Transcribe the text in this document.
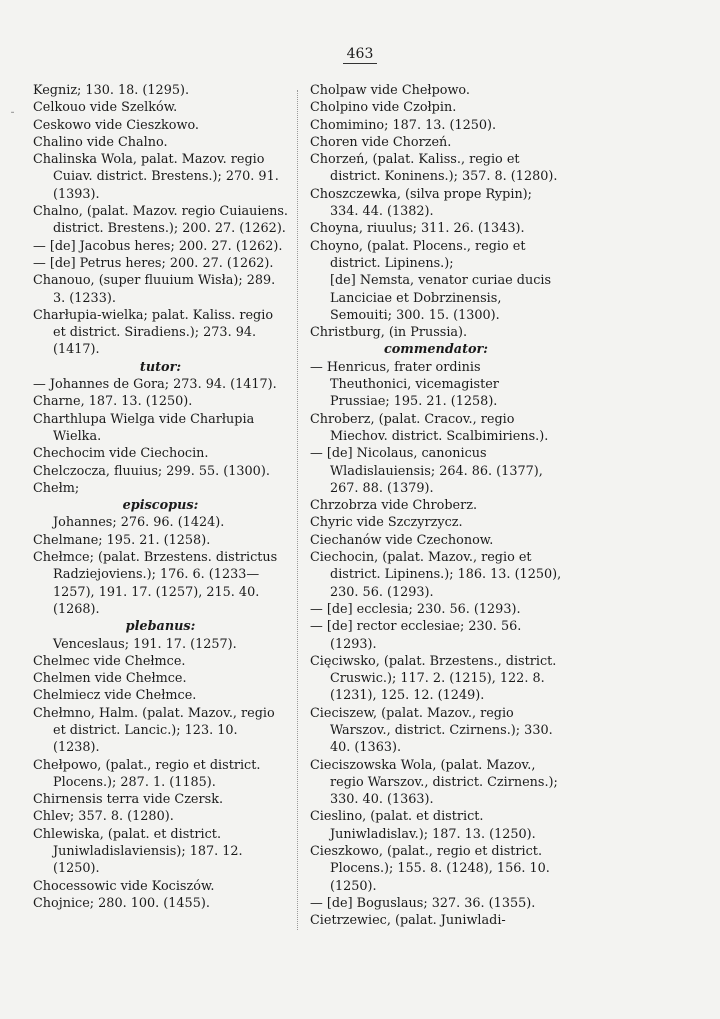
463
⁃

Kegniz; 130. 18. (1295).

Celkouo vide Szelków.

Ceskowo vide Cieszkowo.

Chalino vide Chalno.

Chalinska Wola, palat. Mazov. regio Cuiav. district. Brestens.); 270. 91. (1393).

Chalno, (palat. Mazov. regio Cuiauiens. district. Brestens.); 200. 27. (1262).

— [de] Jacobus heres; 200. 27. (1262).

— [de] Petrus heres; 200. 27. (1262).

Chanouo, (super fluuium Wisła); 289. 3. (1233).

Charłupia-wielka; palat. Kaliss. regio et district. Siradiens.); 273. 94. (1417).

tutor:

— Johannes de Gora; 273. 94. (1417).

Charne, 187. 13. (1250).

Charthlupa Wielga vide Charłupia Wielka.

Chechocim vide Ciechocin.

Chelczocza, fluuius; 299. 55. (1300).

Chełm;

episcopus:

Johannes; 276. 96. (1424).

Chelmane; 195. 21. (1258).

Chełmce; (palat. Brzestens. districtus Radziejoviens.); 176. 6. (1233—1257), 191. 17. (1257), 215. 40. (1268).

plebanus:

Venceslaus; 191. 17. (1257).

Chelmec vide Chełmce.

Chelmen vide Chełmce.

Chelmiecz vide Chełmce.

Chełmno, Halm. (palat. Mazov., regio et district. Lancic.); 123. 10. (1238).

Chełpowo, (palat., regio et district. Plocens.); 287. 1. (1185).

Chirnensis terra vide Czersk.

Chlev; 357. 8. (1280).

Chlewiska, (palat. et district. Juniwladislaviensis); 187. 12. (1250).

Chocessowic vide Kociszów.

Chojnice; 280. 100. (1455).

Cholpaw vide Chełpowo.

Cholpino vide Czołpin.

Chomimino; 187. 13. (1250).

Choren vide Chorzeń.

Chorzeń, (palat. Kaliss., regio et district. Koninens.); 357. 8. (1280).

Choszczewka, (silva prope Rypin); 334. 44. (1382).

Choyna, riuulus; 311. 26. (1343).

Choyno, (palat. Plocens., regio et district. Lipinens.);

[de] Nemsta, venator curiae ducis Lanciciae et Dobrzinensis, Semouiti; 300. 15. (1300).

Christburg, (in Prussia).

commendator:

— Henricus, frater ordinis Theuthonici, vicemagister Prussiae; 195. 21. (1258).

Chroberz, (palat. Cracov., regio Miechov. district. Scalbimiriens.).

— [de] Nicolaus, canonicus Wladislauiensis; 264. 86. (1377), 267. 88. (1379).

Chrzobrza vide Chroberz.

Chyric vide Szczyrzycz.

Ciechanów vide Czechonow.

Ciechocin, (palat. Mazov., regio et district. Lipinens.); 186. 13. (1250), 230. 56. (1293).

— [de] ecclesia; 230. 56. (1293).

— [de] rector ecclesiae; 230. 56. (1293).

Cięciwsko, (palat. Brzestens., district. Cruswic.); 117. 2. (1215), 122. 8. (1231), 125. 12. (1249).

Cieciszew, (palat. Mazov., regio Warszov., district. Czirnens.); 330. 40. (1363).

Cieciszowska Wola, (palat. Mazov., regio Warszov., district. Czirnens.); 330. 40. (1363).

Cieslino, (palat. et district. Juniwladislav.); 187. 13. (1250).

Cieszkowo, (palat., regio et district. Plocens.); 155. 8. (1248), 156. 10. (1250).

— [de] Boguslaus; 327. 36. (1355).

Cietrzewiec, (palat. Juniwladi-
